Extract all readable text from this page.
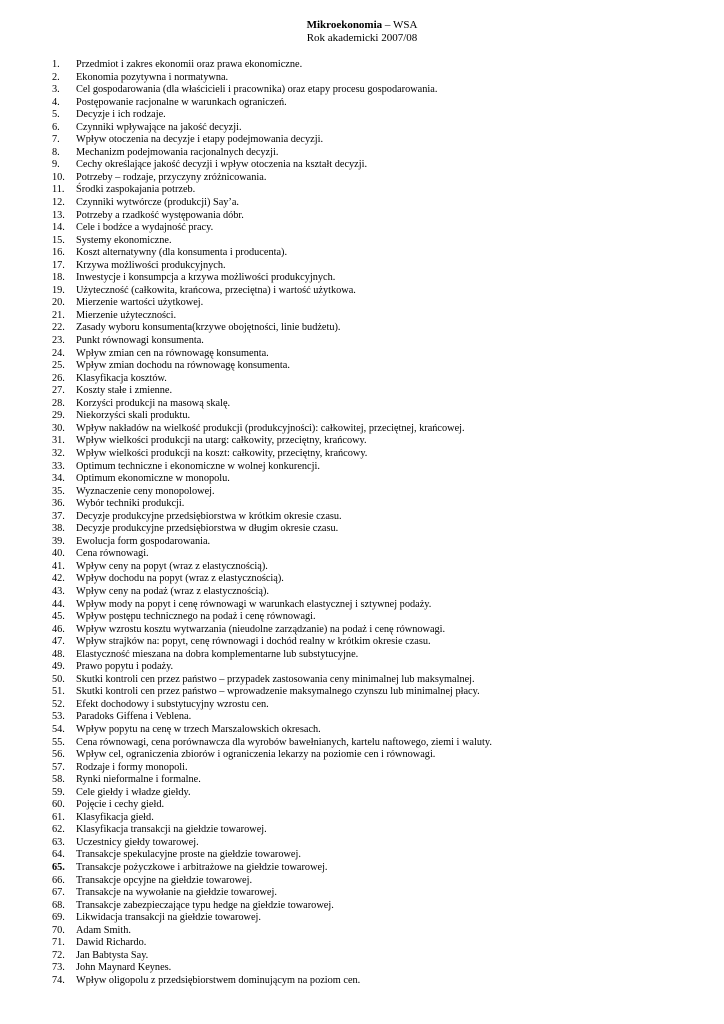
Mikroekonomia – WSA
Rok akademicki 2007/08
1.	Przedmiot i zakres ekonomii oraz prawa ekonomiczne.
2.	Ekonomia pozytywna i normatywna.
3.	Cel gospodarowania (dla właścicieli i pracownika) oraz etapy procesu gospodarowania.
4.	Postępowanie racjonalne w warunkach ograniczeń.
5.	Decyzje i ich rodzaje.
6.	Czynniki wpływające na jakość decyzji.
7.	Wpływ otoczenia na decyzje i etapy podejmowania decyzji.
8.	Mechanizm podejmowania racjonalnych decyzji.
9.	Cechy określające jakość decyzji i wpływ otoczenia na kształt decyzji.
10.	Potrzeby – rodzaje, przyczyny zróżnicowania.
11.	Środki zaspokajania potrzeb.
12.	Czynniki wytwórcze (produkcji) Say’a.
13.	Potrzeby a rzadkość występowania dóbr.
14.	Cele i bodźce a wydajność pracy.
15.	Systemy ekonomiczne.
16.	Koszt alternatywny (dla konsumenta i producenta).
17.	Krzywa możliwości produkcyjnych.
18.	Inwestycje i konsumpcja a krzywa możliwości produkcyjnych.
19.	Użyteczność (całkowita, krańcowa, przeciętna) i wartość użytkowa.
20.	Mierzenie wartości użytkowej.
21.	Mierzenie użyteczności.
22.	Zasady wyboru konsumenta(krzywe obojętności, linie budżetu).
23.	Punkt równowagi konsumenta.
24.	Wpływ zmian cen na równowagę konsumenta.
25.	Wpływ zmian dochodu na równowagę konsumenta.
26.	Klasyfikacja kosztów.
27.	Koszty stałe i zmienne.
28.	Korzyści produkcji na masową skalę.
29.	Niekorzyści skali produktu.
30.	Wpływ nakładów na wielkość produkcji (produkcyjności): całkowitej, przeciętnej, krańcowej.
31.	Wpływ wielkości produkcji na utarg: całkowity, przeciętny, krańcowy.
32.	Wpływ wielkości produkcji na koszt: całkowity, przeciętny, krańcowy.
33.	Optimum techniczne i ekonomiczne w wolnej konkurencji.
34.	Optimum ekonomiczne w monopolu.
35.	Wyznaczenie ceny monopolowej.
36.	Wybór techniki produkcji.
37.	Decyzje produkcyjne przedsiębiorstwa w krótkim okresie czasu.
38.	Decyzje produkcyjne przedsiębiorstwa w długim okresie czasu.
39.	Ewolucja form gospodarowania.
40.	Cena równowagi.
41.	Wpływ ceny na popyt (wraz z elastycznością).
42.	Wpływ dochodu na popyt (wraz z elastycznością).
43.	Wpływ ceny na podaż (wraz z elastycznością).
44.	Wpływ mody na popyt i cenę równowagi w warunkach elastycznej i sztywnej podaży.
45.	Wpływ postępu technicznego na podaż i cenę równowagi.
46.	Wpływ wzrostu kosztu wytwarzania (nieudolne zarządzanie) na podaż i cenę równowagi.
47.	Wpływ strajków na: popyt, cenę równowagi i dochód realny w krótkim okresie czasu.
48.	Elastyczność mieszana na dobra komplementarne lub substytucyjne.
49.	Prawo popytu i podaży.
50.	Skutki kontroli cen przez państwo – przypadek zastosowania ceny minimalnej lub maksymalnej.
51.	Skutki kontroli cen przez państwo – wprowadzenie maksymalnego czynszu lub minimalnej płacy.
52.	Efekt dochodowy i substytucyjny wzrostu cen.
53.	Paradoks Giffena i Veblena.
54.	Wpływ popytu na cenę w trzech Marszalowskich okresach.
55.	Cena równowagi, cena porównawcza dla wyrobów bawełnianych, kartelu naftowego, ziemi i waluty.
56.	Wpływ cel, ograniczenia zbiorów i ograniczenia lekarzy na poziomie cen i równowagi.
57.	Rodzaje i formy monopoli.
58.	Rynki nieformalne i formalne.
59.	Cele giełdy i władze giełdy.
60.	Pojęcie i cechy giełd.
61.	Klasyfikacja giełd.
62.	Klasyfikacja transakcji na giełdzie towarowej.
63.	Uczestnicy giełdy towarowej.
64.	Transakcje spekulacyjne proste na giełdzie towarowej.
65.	Transakcje pożyczkowe i arbitrażowe na giełdzie towarowej.
66.	Transakcje opcyjne na giełdzie towarowej.
67.	Transakcje na wywołanie na giełdzie towarowej.
68.	Transakcje zabezpieczające typu hedge na giełdzie towarowej.
69.	Likwidacja transakcji na giełdzie towarowej.
70.	Adam Smith.
71.	Dawid Richardo.
72.	Jan Babtysta Say.
73.	John Maynard Keynes.
74.	Wpływ oligopolu z przedsiębiorstwem dominującym na poziom cen.
